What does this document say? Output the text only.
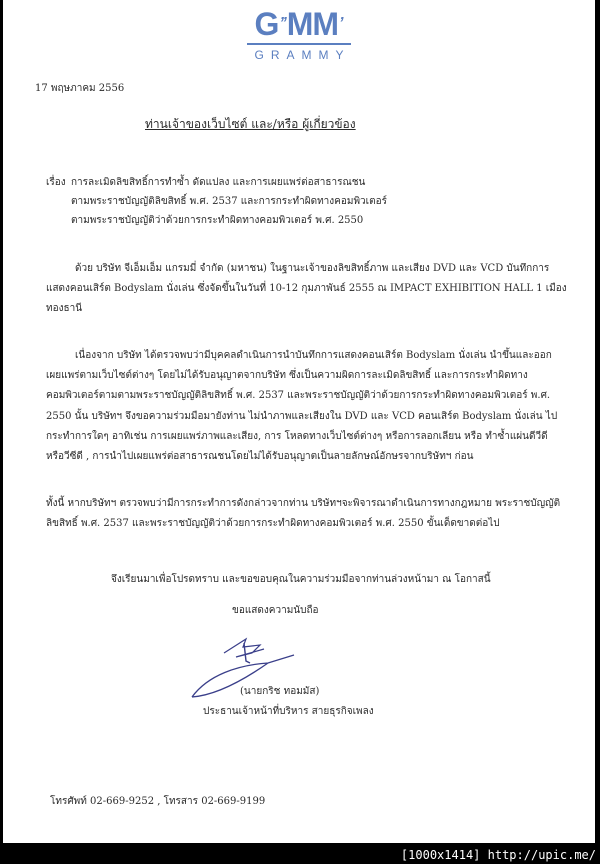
G’’MM’
GRAMMY
17 พฤษภาคม 2556
ท่านเจ้าของเว็บไซต์ และ/หรือ ผู้เกี่ยวข้อง
เรื่อง การละเมิดลิขสิทธิ์การทำซ้ำ ดัดแปลง และการเผยแพร่ต่อสาธารณชน
ตามพระราชบัญญัติลิขสิทธิ์ พ.ศ. 2537 และการกระทำผิดทางคอมพิวเตอร์
ตามพระราชบัญญัติว่าด้วยการกระทำผิดทางคอมพิวเตอร์ พ.ศ. 2550
ด้วย บริษัท จีเอ็มเอ็ม แกรมมี่ จำกัด (มหาชน) ในฐานะเจ้าของลิขสิทธิ์ภาพ และเสียง DVD และ VCD บันทึกการ
แสดงคอนเสิร์ต Bodyslam นั่งเล่น ซึ่งจัดขึ้นในวันที่ 10-12 กุมภาพันธ์ 2555 ณ IMPACT EXHIBITION HALL 1 เมือง
ทองธานี
เนื่องจาก บริษัท ได้ตรวจพบว่ามีบุคคลดำเนินการนำบันทึกการแสดงคอนเสิร์ต Bodyslam นั่งเล่น นำขึ้นและออก
เผยแพร่ตามเว็บไซต์ต่างๆ โดยไม่ได้รับอนุญาตจากบริษัท ซึ่งเป็นความผิดการละเมิดลิขสิทธิ์ และการกระทำผิดทาง
คอมพิวเตอร์ตามตามพระราชบัญญัติลิขสิทธิ์ พ.ศ. 2537 และพระราชบัญญัติว่าด้วยการกระทำผิดทางคอมพิวเตอร์ พ.ศ.
2550 นั้น บริษัทฯ จึงขอความร่วมมือมายังท่าน ไม่นำภาพและเสียงใน DVD และ VCD คอนเสิร์ต Bodyslam นั่งเล่น ไป
กระทำการใดๆ อาทิเช่น การเผยแพร่ภาพและเสียง, การ โหลดทางเว็บไซต์ต่างๆ หรือการลอกเลียน หรือ ทำซ้ำแผ่นดีวีดี
หรือวีซีดี , การนำไปเผยแพร่ต่อสาธารณชนโดยไม่ได้รับอนุญาตเป็นลายลักษณ์อักษรจากบริษัทฯ ก่อน
ทั้งนี้ หากบริษัทฯ ตรวจพบว่ามีการกระทำการดังกล่าวจากท่าน บริษัทฯจะพิจารณาดำเนินการทางกฎหมาย พระราชบัญญัติ
ลิขสิทธิ์ พ.ศ. 2537 และพระราชบัญญัติว่าด้วยการกระทำผิดทางคอมพิวเตอร์ พ.ศ. 2550 ขั้นเด็ดขาดต่อไป
จึงเรียนมาเพื่อโปรดทราบ และขอขอบคุณในความร่วมมือจากท่านล่วงหน้ามา ณ โอกาสนี้
ขอแสดงความนับถือ
(นายกริช ทอมมัส)
ประธานเจ้าหน้าที่บริหาร สายธุรกิจเพลง
โทรศัพท์ 02-669-9252 , โทรสาร 02-669-9199
[1000x1414] http://upic.me/
